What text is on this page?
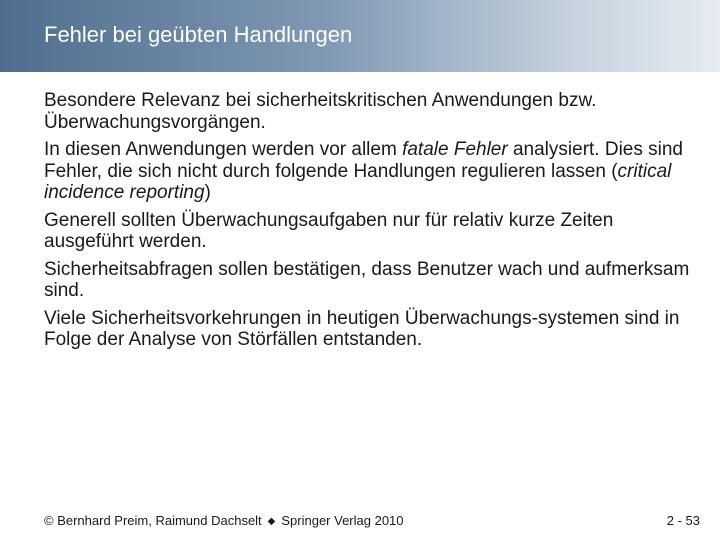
Fehler bei geübten Handlungen

Besondere Relevanz bei sicherheitskritischen Anwendungen bzw. Überwachungsvorgängen.

In diesen Anwendungen werden vor allem fatale Fehler analysiert. Dies sind Fehler, die sich nicht durch folgende Handlungen regulieren lassen (critical incidence reporting)

Generell sollten Überwachungsaufgaben nur für relativ kurze Zeiten ausgeführt werden.

Sicherheitsabfragen sollen bestätigen, dass Benutzer wach und aufmerksam sind.

Viele Sicherheitsvorkehrungen in heutigen Überwachungs-systemen sind in Folge der Analyse von Störfällen entstanden.

© Bernhard Preim, Raimund Dachselt ◆ Springer Verlag 2010	2 - 53
